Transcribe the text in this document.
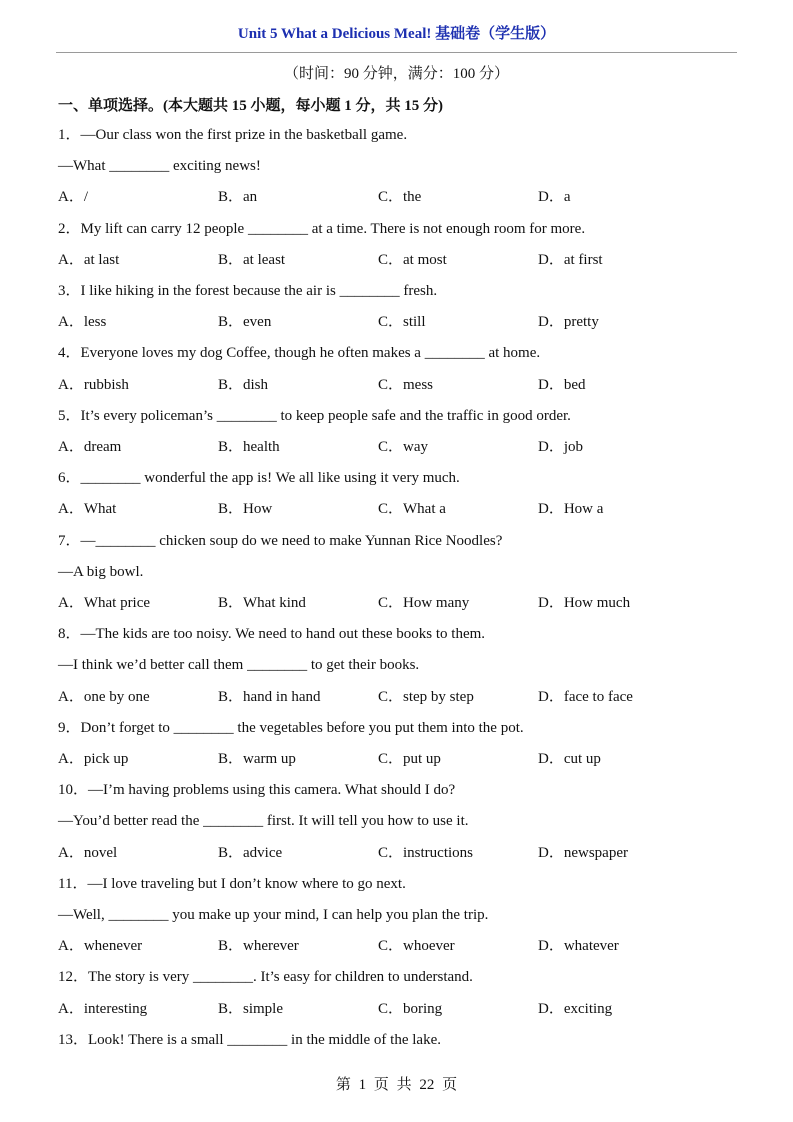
Unit 5 What a Delicious Meal! 基础卷（学生版）
（时间：90 分钟，满分：100 分）
一、单项选择。(本大题共 15 小题，每小题 1 分，共 15 分)
1．—Our class won the first prize in the basketball game.
—What ________ exciting news!
A．/	B．an	C．the	D．a
2．My lift can carry 12 people ________ at a time. There is not enough room for more.
A．at last	B．at least	C．at most	D．at first
3．I like hiking in the forest because the air is ________ fresh.
A．less	B．even	C．still	D．pretty
4．Everyone loves my dog Coffee, though he often makes a ________ at home.
A．rubbish	B．dish	C．mess	D．bed
5．It’s every policeman’s ________ to keep people safe and the traffic in good order.
A．dream	B．health	C．way	D．job
6．________ wonderful the app is! We all like using it very much.
A．What	B．How	C．What a	D．How a
7．—________ chicken soup do we need to make Yunnan Rice Noodles?
—A big bowl.
A．What price	B．What kind	C．How many	D．How much
8．—The kids are too noisy. We need to hand out these books to them.
—I think we’d better call them ________ to get their books.
A．one by one	B．hand in hand	C．step by step	D．face to face
9．Don’t forget to ________ the vegetables before you put them into the pot.
A．pick up	B．warm up	C．put up	D．cut up
10．—I’m having problems using this camera. What should I do?
—You’d better read the ________ first. It will tell you how to use it.
A．novel	B．advice	C．instructions	D．newspaper
11．—I love traveling but I don’t know where to go next.
—Well, ________ you make up your mind, I can help you plan the trip.
A．whenever	B．wherever	C．whoever	D．whatever
12．The story is very ________. It’s easy for children to understand.
A．interesting	B．simple	C．boring	D．exciting
13．Look! There is a small ________ in the middle of the lake.
第 1 页 共 22 页
